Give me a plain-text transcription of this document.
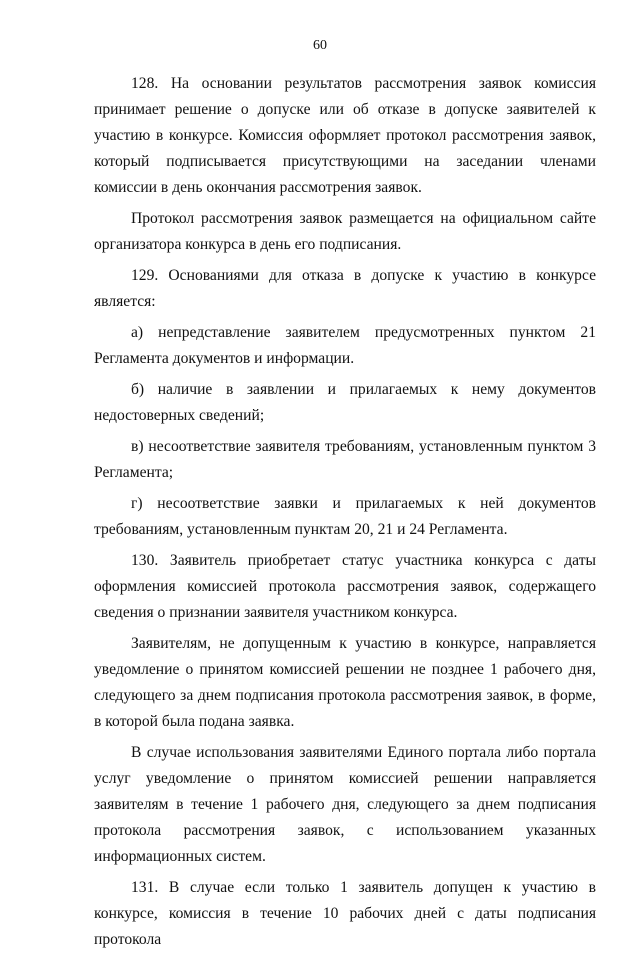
60

128. На основании результатов рассмотрения заявок комиссия принимает решение о допуске или об отказе в допуске заявителей к участию в конкурсе. Комиссия оформляет протокол рассмотрения заявок, который подписывается присутствующими на заседании членами комиссии в день окончания рассмотрения заявок.

Протокол рассмотрения заявок размещается на официальном сайте организатора конкурса в день его подписания.

129. Основаниями для отказа в допуске к участию в конкурсе является:

а) непредставление заявителем предусмотренных пунктом 21 Регламента документов и информации.

б) наличие в заявлении и прилагаемых к нему документов недостоверных сведений;

в) несоответствие заявителя требованиям, установленным пунктом 3 Регламента;

г) несоответствие заявки и прилагаемых к ней документов требованиям, установленным пунктам 20, 21 и 24 Регламента.

130. Заявитель приобретает статус участника конкурса с даты оформления комиссией протокола рассмотрения заявок, содержащего сведения о признании заявителя участником конкурса.

Заявителям, не допущенным к участию в конкурсе, направляется уведомление о принятом комиссией решении не позднее 1 рабочего дня, следующего за днем подписания протокола рассмотрения заявок, в форме, в которой была подана заявка.

В случае использования заявителями Единого портала либо портала услуг уведомление о принятом комиссией решении направляется заявителям в течение 1 рабочего дня, следующего за днем подписания протокола рассмотрения заявок, с использованием указанных информационных систем.

131. В случае если только 1 заявитель допущен к участию в конкурсе, комиссия в течение 10 рабочих дней с даты подписания протокола
